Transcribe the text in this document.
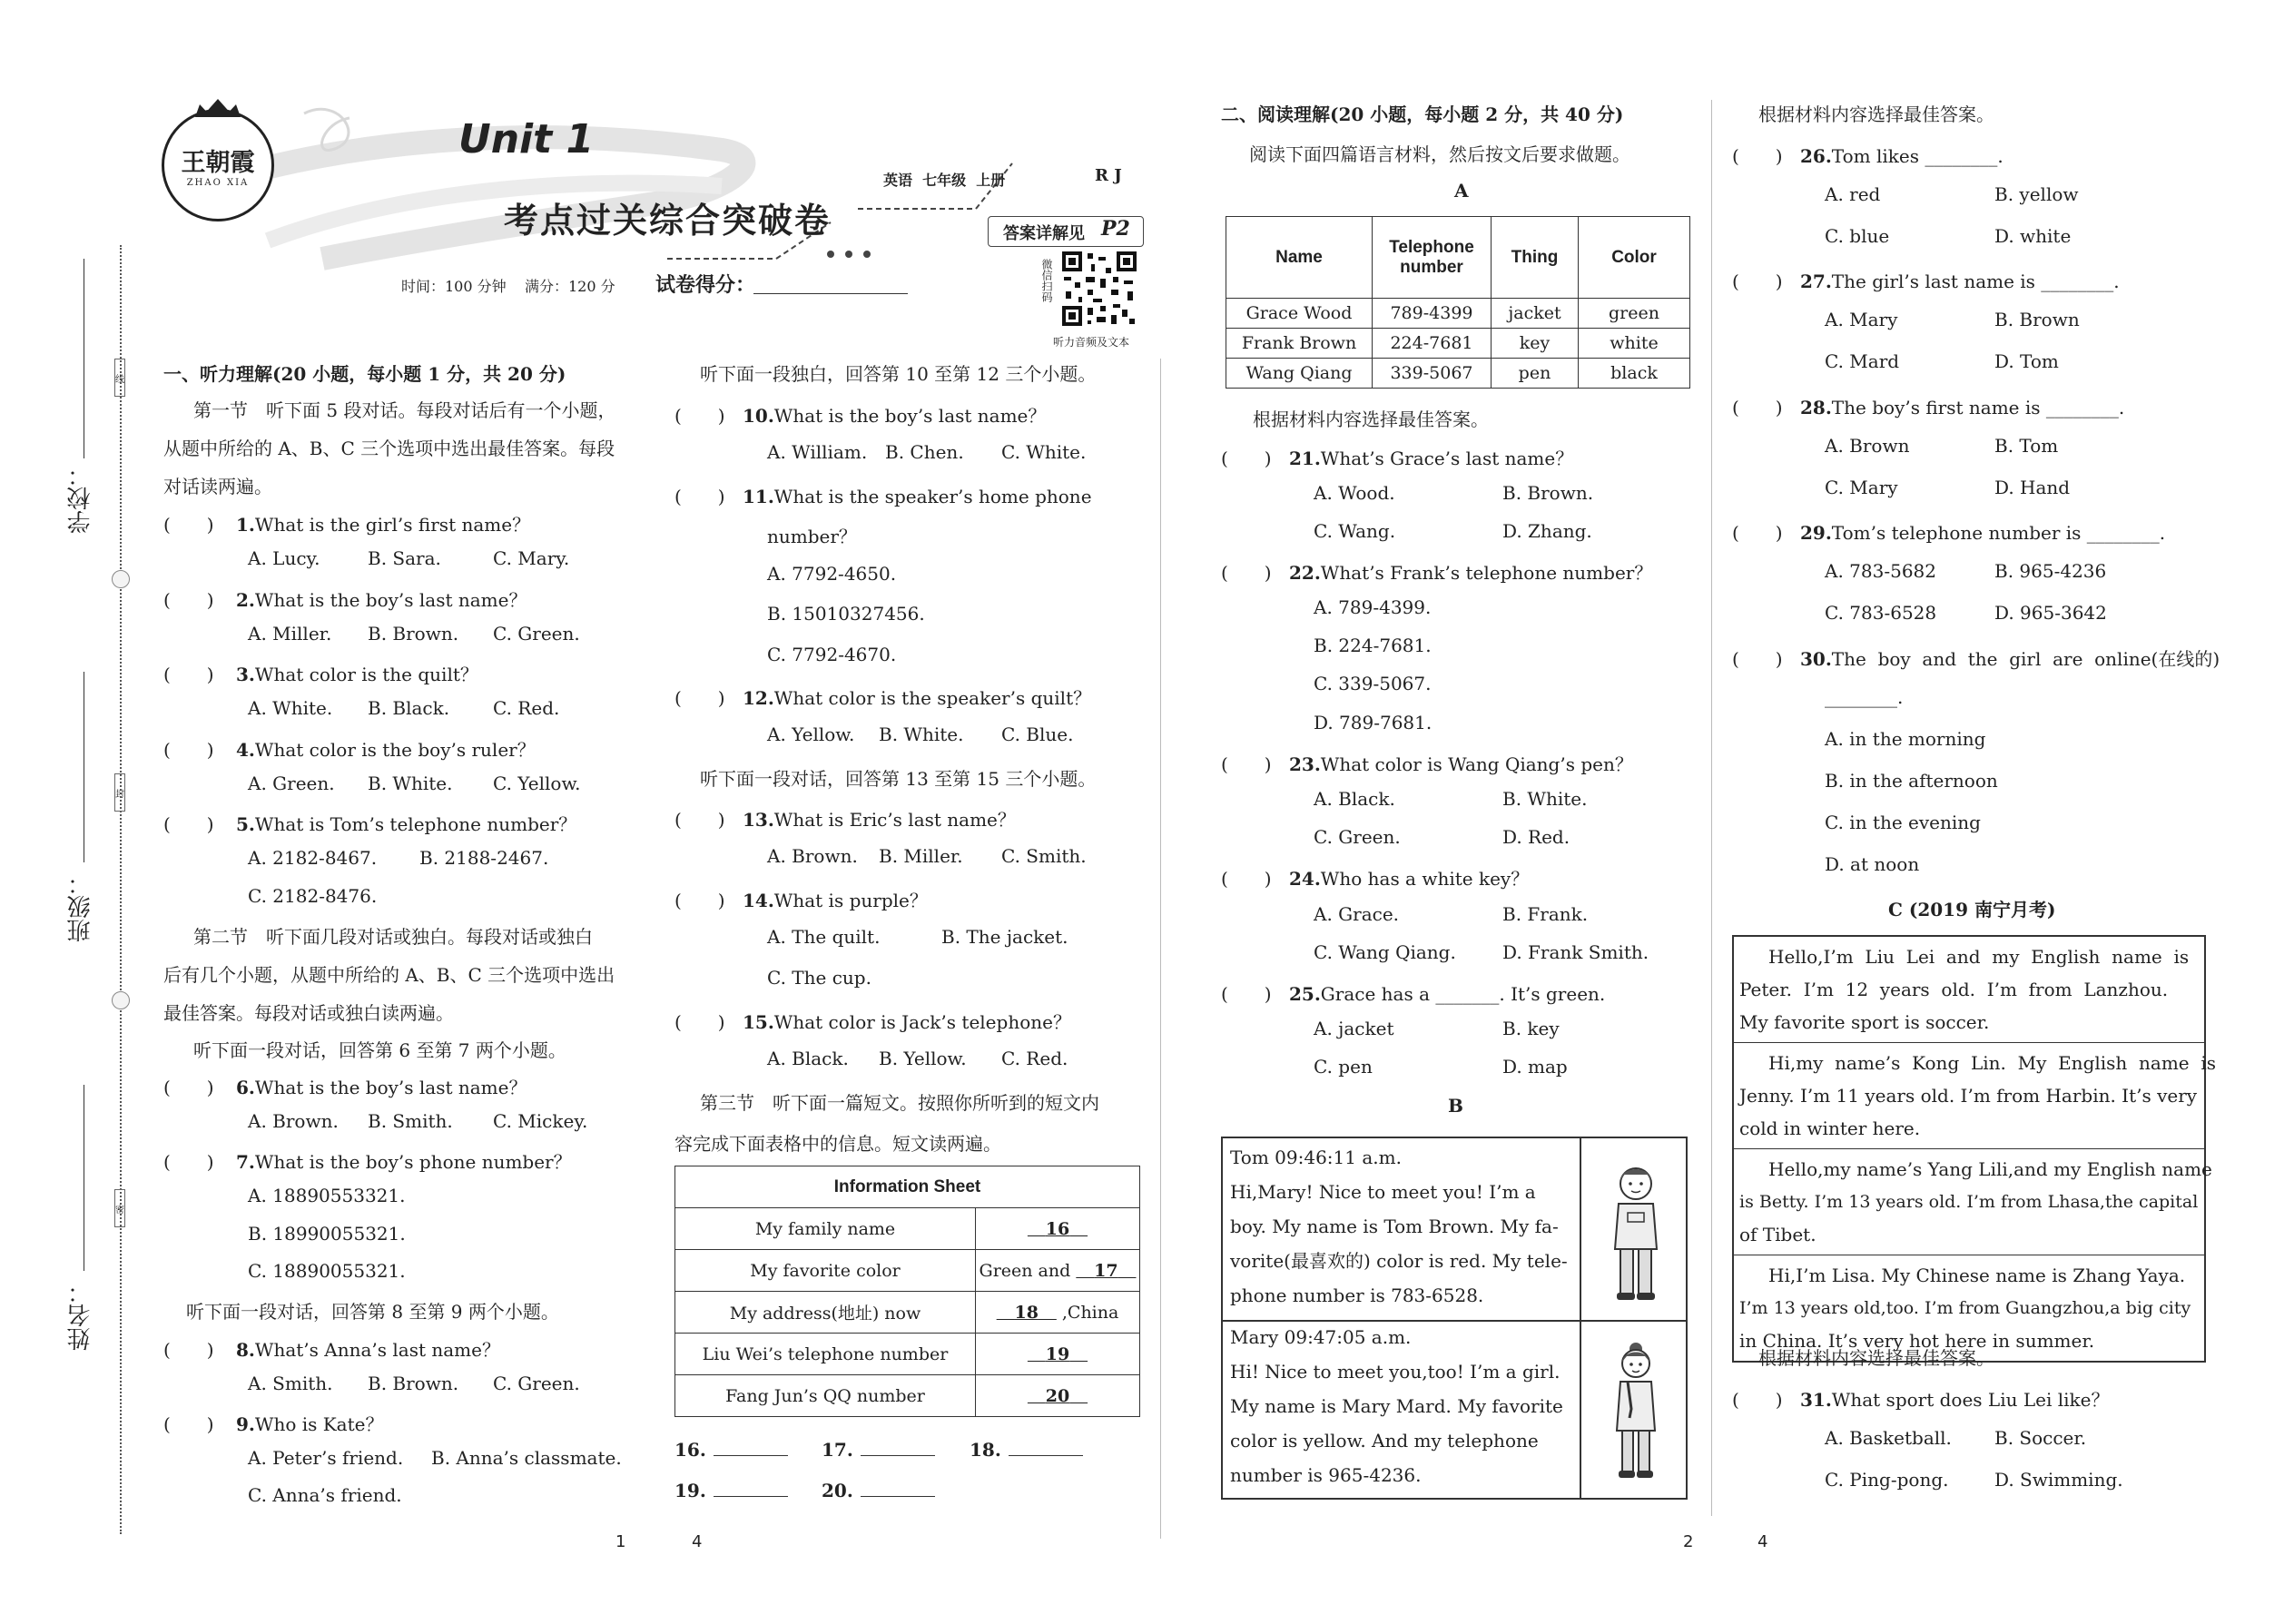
学校：
班级：
姓名：
线
封
密
王朝霞
ZHAO XIA
Unit 1
考点过关综合突破卷
英语  七年级  上册	R J
答案详解见 P2
时间：100 分钟    满分：120 分 试卷得分：	微信扫码
听力音频及文本
一、听力理解(20 小题，每小题 1 分，共 20 分)
第一节　听下面 5 段对话。每段对话后有一个小题，
从题中所给的 A、B、C 三个选项中选出最佳答案。每段
对话读两遍。
(　　) 1.What is the girl’s first name？
A. Lucy.	B. Sara.	C. Mary.
(　　) 2.What is the boy’s last name？
A. Miller. B. Brown. C. Green.
(　　) 3.What color is the quilt？
A. White. B. Black. C. Red.
(　　) 4.What color is the boy’s ruler？
A. Green. B. White. C. Yellow.
(　　) 5.What is Tom’s telephone number？
A. 2182-8467. B. 2188-2467.
C. 2182-8476.
第二节　听下面几段对话或独白。每段对话或独白
后有几个小题，从题中所给的 A、B、C 三个选项中选出
最佳答案。每段对话或独白读两遍。
听下面一段对话，回答第 6 至第 7 两个小题。
(　　) 6.What is the boy’s last name？
A. Brown. B. Smith. C. Mickey.
(　　) 7.What is the boy’s phone number？
A. 18890553321.
B. 18990055321.
C. 18890055321.
听下面一段对话，回答第 8 至第 9 两个小题。
(　　) 8.What’s Anna’s last name？
A. Smith. B. Brown. C. Green.
(　　) 9.Who is Kate？
A. Peter’s friend. B. Anna’s classmate.
C. Anna’s friend.
听下面一段独白，回答第 10 至第 12 三个小题。
(　　) 10.What is the boy’s last name？
A. William. B. Chen. C. White.
(　　) 11.What is the speaker’s home phone
number？
A. 7792-4650.
B. 15010327456.
C. 7792-4670.
(　　) 12.What color is the speaker’s quilt？
A. Yellow. B. White. C. Blue.
听下面一段对话，回答第 13 至第 15 三个小题。
(　　) 13.What is Eric’s last name？
A. Brown. B. Miller. C. Smith.
(　　) 14.What is purple？
A. The quilt.	B. The jacket.
C. The cup.
(　　) 15.What color is Jack’s telephone？
A. Black. B. Yellow. C. Red.
第三节　听下面一篇短文。按照你所听到的短文内
容完成下面表格中的信息。短文读两遍。
Information Sheet	
My family name	16
My favorite color	Green and    17
My address(地址) now	18    ,China
Liu Wei’s telephone number	19
Fang Jun’s QQ number	20
16.	17.	18.
19.	20.
二、阅读理解(20 小题，每小题 2 分，共 40 分)
阅读下面四篇语言材料，然后按文后要求做题。
A
Name	Telephone number	Thing	Color
Grace Wood	789-4399	jacket	green
Frank Brown	224-7681	key	white
Wang Qiang	339-5067	pen	black
根据材料内容选择最佳答案。
(　　) 21.What’s Grace’s last name？
A. Wood.	B. Brown.
C. Wang.	D. Zhang.
(　　) 22.What’s Frank’s telephone number？
A. 789-4399.
B. 224-7681.
C. 339-5067.
D. 789-7681.
(　　) 23.What color is Wang Qiang’s pen？
A. Black.	B. White.
C. Green.	D. Red.
(　　) 24.Who has a white key？
A. Grace.	B. Frank.
C. Wang Qiang.	D. Frank Smith.
(　　) 25.Grace has a _______. It’s green.
A. jacket	B. key
C. pen	D. map
B
Tom 09:46:11 a.m.
Hi,Mary! Nice to meet you! I’m a
boy. My name is Tom Brown. My fa-
vorite(最喜欢的) color is red. My tele-
phone number is 783-6528.
Mary 09:47:05 a.m.
Hi! Nice to meet you,too! I’m a girl.
My name is Mary Mard. My favorite
color is yellow. And my telephone
number is 965-4236.
根据材料内容选择最佳答案。
(　　) 26.Tom likes ________.
A. red	B. yellow
C. blue	D. white
(　　) 27.The girl’s last name is ________.
A. Mary	B. Brown
C. Mard	D. Tom
(　　) 28.The boy’s first name is ________.
A. Brown	B. Tom
C. Mary	D. Hand
(　　) 29.Tom’s telephone number is ________.
A. 783-5682	B. 965-4236
C. 783-6528	D. 965-3642
(　　) 30.The  boy  and  the  girl  are  online(在线的)
________.
A. in the morning
B. in the afternoon
C. in the evening
D. at noon
C (2019 南宁月考)
Hello,I’m  Liu  Lei  and  my  English  name  is
Peter.  I’m  12  years  old.  I’m  from  Lanzhou.
My favorite sport is soccer.
Hi,my  name’s  Kong  Lin.  My  English  name  is
Jenny. I’m 11 years old. I’m from Harbin. It’s very
cold in winter here.
Hello,my name’s Yang Lili,and my English name
is Betty. I’m 13 years old. I’m from Lhasa,the capital
of Tibet.
Hi,I’m Lisa. My Chinese name is Zhang Yaya.
I’m 13 years old,too. I’m from Guangzhou,a big city
in China. It’s very hot here in summer.
根据材料内容选择最佳答案。
(　　) 31.What sport does Liu Lei like？
A. Basketball. B. Soccer.
C. Ping-pong.	D. Swimming.
1	4	2	4
